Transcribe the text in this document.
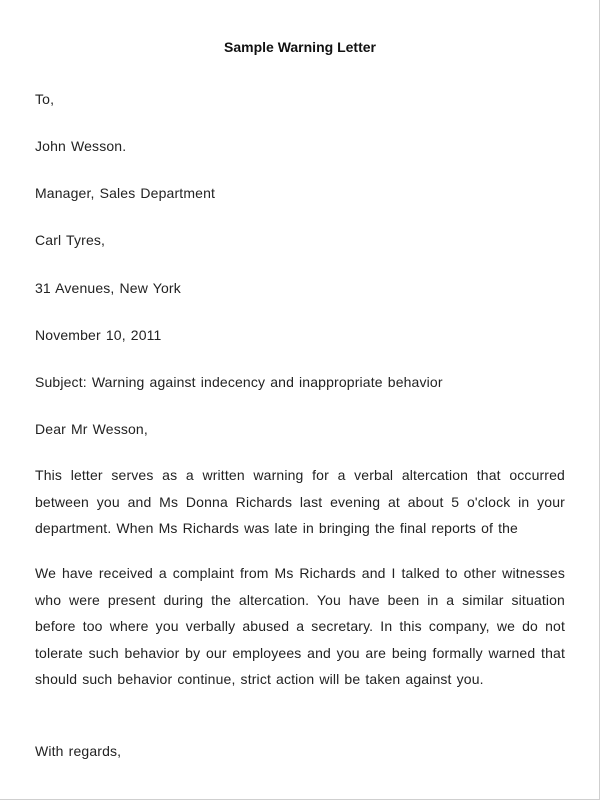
Sample Warning Letter
To,
John Wesson.
Manager, Sales Department
Carl Tyres,
31 Avenues, New York
November 10, 2011
Subject: Warning against indecency and inappropriate behavior
Dear Mr Wesson,
This letter serves as a written warning for a verbal altercation that occurred between you and Ms Donna Richards last evening at about 5 o'clock in your department. When Ms Richards was late in bringing the final reports of the
We have received a complaint from Ms Richards and I talked to other witnesses who were present during the altercation. You have been in a similar situation before too where you verbally abused a secretary. In this company, we do not tolerate such behavior by our employees and you are being formally warned that should such behavior continue, strict action will be taken against you.
With regards,
